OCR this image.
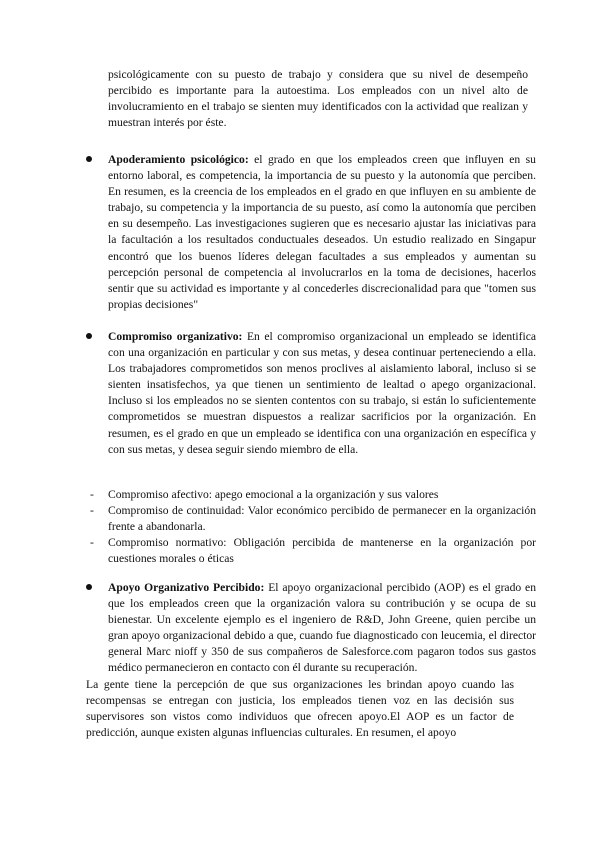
psicológicamente con su puesto de trabajo y considera que su nivel de desempeño percibido es importante para la autoestima. Los empleados con un nivel alto de involucramiento en el trabajo se sienten muy identificados con la actividad que realizan y muestran interés por éste.

Apoderamiento psicológico: el grado en que los empleados creen que influyen en su entorno laboral, es competencia, la importancia de su puesto y la autonomía que perciben. En resumen, es la creencia de los empleados en el grado en que influyen en su ambiente de trabajo, su competencia y la importancia de su puesto, así como la autonomía que perciben en su desempeño. Las investigaciones sugieren que es necesario ajustar las iniciativas para la facultación a los resultados conductuales deseados. Un estudio realizado en Singapur encontró que los buenos líderes delegan facultades a sus empleados y aumentan su percepción personal de competencia al involucrarlos en la toma de decisiones, hacerlos sentir que su actividad es importante y al concederles discrecionalidad para que "tomen sus propias decisiones"
Compromiso organizativo: En el compromiso organizacional un empleado se identifica con una organización en particular y con sus metas, y desea continuar perteneciendo a ella. Los trabajadores comprometidos son menos proclives al aislamiento laboral, incluso si se sienten insatisfechos, ya que tienen un sentimiento de lealtad o apego organizacional. Incluso si los empleados no se sienten contentos con su trabajo, si están lo suficientemente comprometidos se muestran dispuestos a realizar sacrificios por la organización. En resumen, es el grado en que un empleado se identifica con una organización en específica y con sus metas, y desea seguir siendo miembro de ella.
- Compromiso afectivo: apego emocional a la organización y sus valores
- Compromiso de continuidad: Valor económico percibido de permanecer en la organización frente a abandonarla.
- Compromiso normativo: Obligación percibida de mantenerse en la organización por cuestiones morales o éticas
Apoyo Organizativo Percibido: El apoyo organizacional percibido (AOP) es el grado en que los empleados creen que la organización valora su contribución y se ocupa de su bienestar. Un excelente ejemplo es el ingeniero de R&D, John Greene, quien percibe un gran apoyo organizacional debido a que, cuando fue diagnosticado con leucemia, el director general Marc nioff y 350 de sus compañeros de Salesforce.com pagaron todos sus gastos médico permanecieron en contacto con él durante su recuperación.

La gente tiene la percepción de que sus organizaciones les brindan apoyo cuando las recompensas se entregan con justicia, los empleados tienen voz en las decisión sus supervisores son vistos como individuos que ofrecen apoyo.El AOP es un factor de predicción, aunque existen algunas influencias culturales. En resumen, el apoyo
